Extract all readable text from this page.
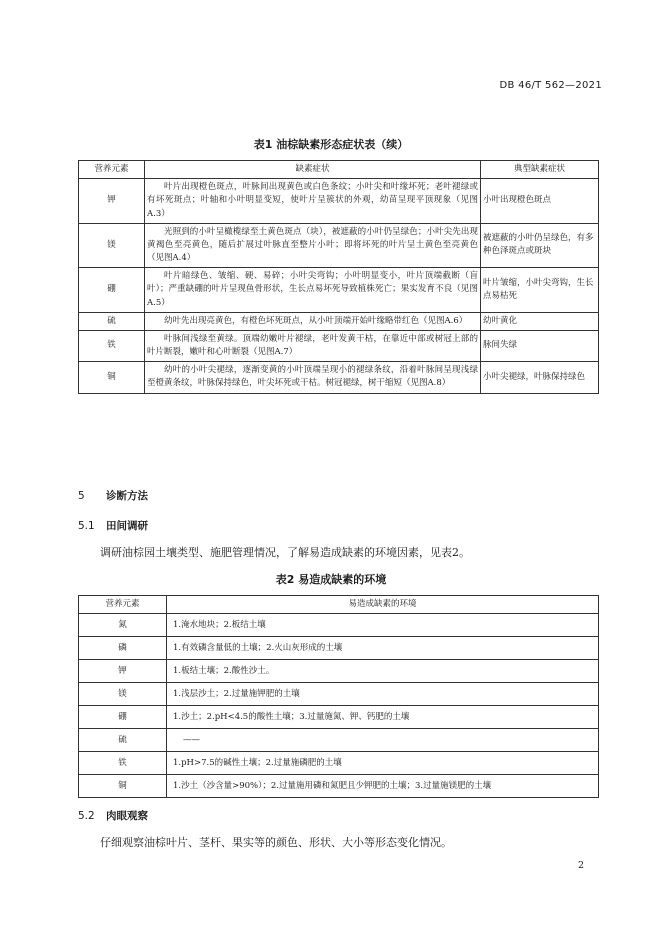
DB 46/T 562—2021
表1 油棕缺素形态症状表（续）
营养元素	缺素症状	典型缺素症状
钾	叶片出现橙色斑点，叶脉间出现黄色或白色条纹；小叶尖和叶缘坏死；老叶褪绿或有坏死斑点；叶轴和小叶明显变短，使叶片呈簇状的外观，幼苗呈现平顶现象（见图A.3）	小叶出现橙色斑点
镁	光照到的小叶呈橄榄绿至土黄色斑点（块），被遮蔽的小叶仍呈绿色；小叶尖先出现黄褐色至亮黄色，随后扩展过叶脉直至整片小叶；即将坏死的叶片呈土黄色至亮黄色（见图A.4）	被遮蔽的小叶仍呈绿色，有多种色泽斑点或斑块
硼	叶片暗绿色、皱缩、硬、易碎；小叶尖弯钩；小叶明显变小，叶片顶端截断（盲叶）；严重缺硼的叶片呈现鱼骨形状，生长点易坏死导致植株死亡；果实发育不良（见图A.5）	叶片皱缩，小叶尖弯钩，生长点易枯死
硫	幼叶先出现亮黄色，有橙色坏死斑点，从小叶顶端开始叶缘略带红色（见图A.6）	幼叶黄化
铁	叶脉间浅绿至黄绿。顶端幼嫩叶片褪绿，老叶发黄干枯，在靠近中部或树冠上部的叶片断裂，嫩叶和心叶断裂（见图A.7）	脉间失绿
铜	幼叶的小叶尖褪绿，逐渐变黄的小叶顶端呈现小的褪绿条纹，沿着叶脉间呈现浅绿至橙黄条纹，叶脉保持绿色，叶尖坏死或干枯。树冠褪绿，树干缩短（见图A.8）	小叶尖褪绿，叶脉保持绿色
5 诊断方法
5.1 田间调研
调研油棕园土壤类型、施肥管理情况，了解易造成缺素的环境因素，见表2。
表2 易造成缺素的环境
营养元素	易造成缺素的环境
氮	1.淹水地块；2.板结土壤
磷	1.有效磷含量低的土壤；2.火山灰形成的土壤
钾	1.板结土壤；2.酸性沙土。
镁	1.浅层沙土；2.过量施钾肥的土壤
硼	1.沙土；2.pH<4.5的酸性土壤；3.过量施氮、钾、钙肥的土壤
硫	——
铁	1.pH>7.5的碱性土壤；2.过量施磷肥的土壤
铜	1.沙土（沙含量>90%）；2.过量施用磷和氮肥且少钾肥的土壤；3.过量施镁肥的土壤
5.2 肉眼观察
仔细观察油棕叶片、茎杆、果实等的颜色、形状、大小等形态变化情况。
2
